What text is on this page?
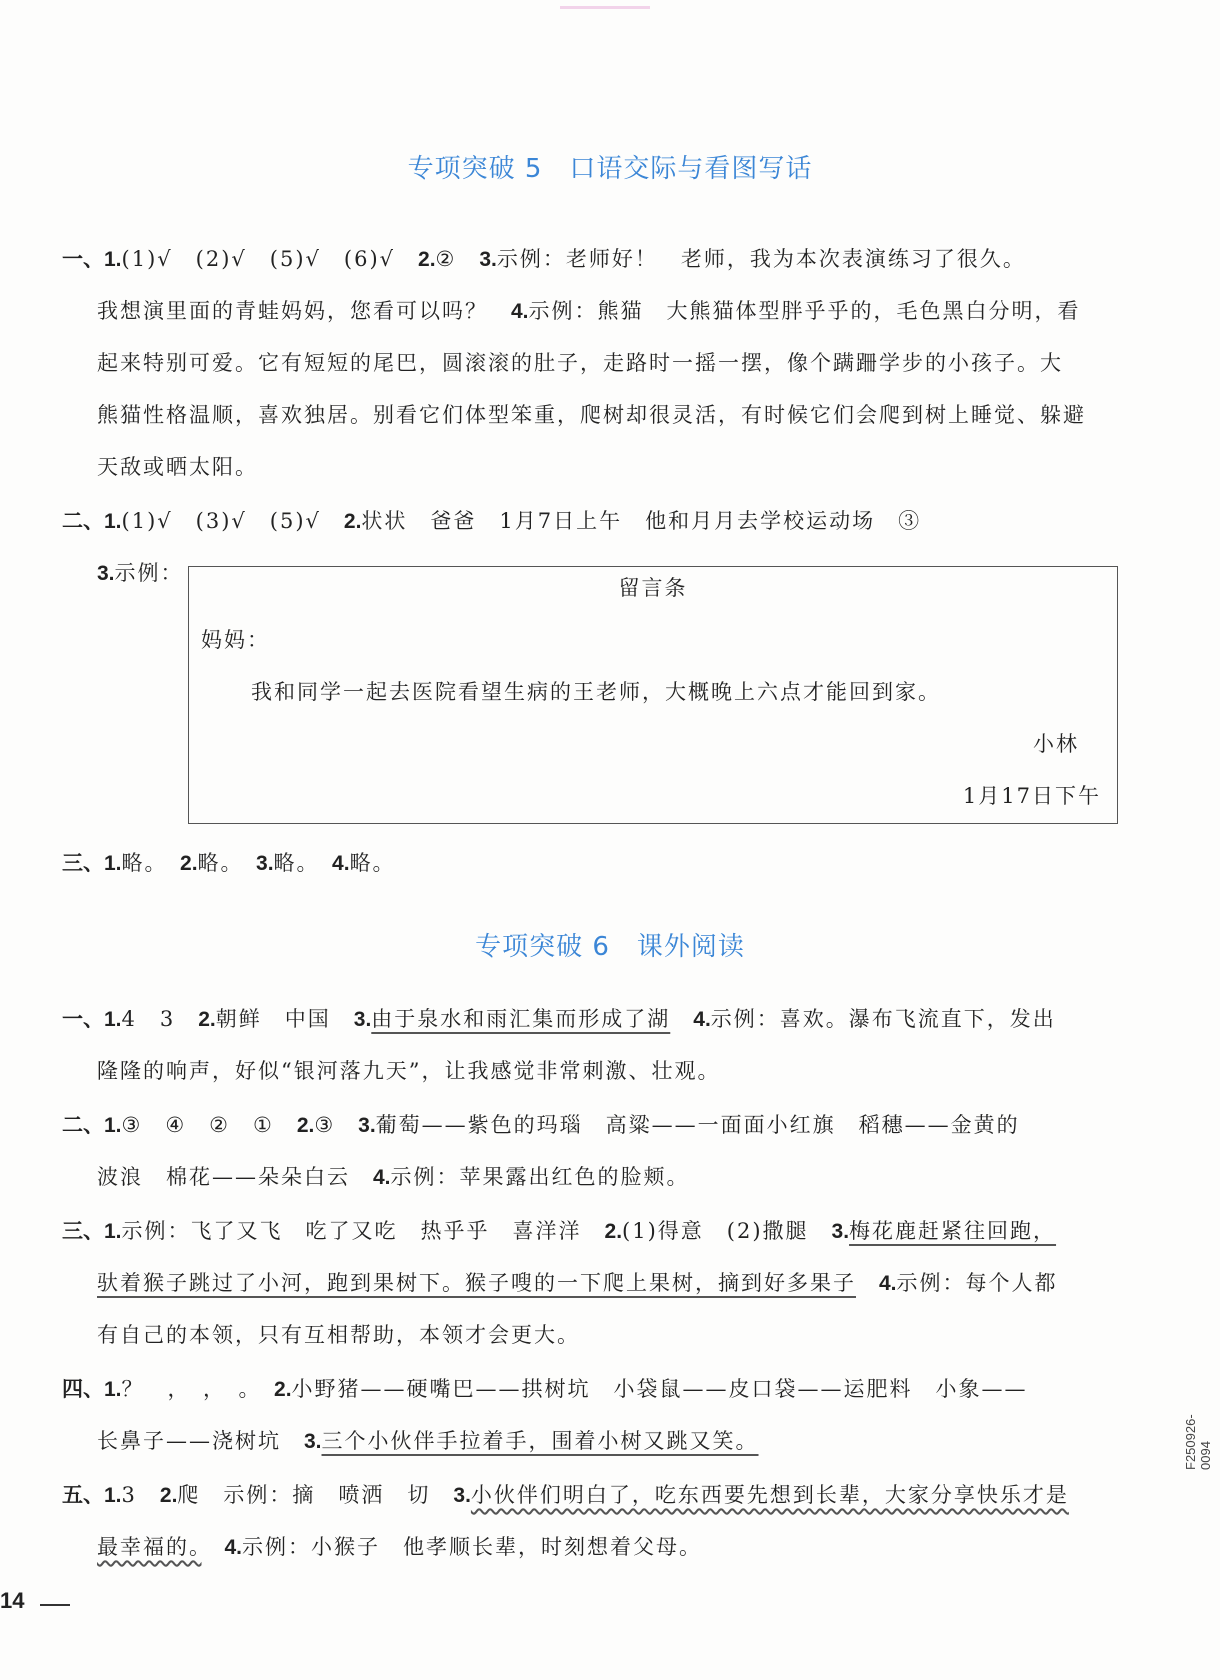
专项突破 5　口语交际与看图写话
一、1.(1)√　(2)√　(5)√　(6)√　2.②　3.示例：老师好！　老师，我为本次表演练习了很久。
我想演里面的青蛙妈妈，您看可以吗？　4.示例：熊猫　大熊猫体型胖乎乎的，毛色黑白分明，看
起来特别可爱。它有短短的尾巴，圆滚滚的肚子，走路时一摇一摆，像个蹒跚学步的小孩子。大
熊猫性格温顺，喜欢独居。别看它们体型笨重，爬树却很灵活，有时候它们会爬到树上睡觉、躲避
天敌或晒太阳。
二、1.(1)√　(3)√　(5)√　2.状状　爸爸　1月7日上午　他和月月去学校运动场　③
3.示例：
留言条
妈妈：
我和同学一起去医院看望生病的王老师，大概晚上六点才能回到家。
小林
1月17日下午
三、1.略。　2.略。　3.略。　4.略。
专项突破 6　课外阅读
一、1.4　3　2.朝鲜　中国　3.由于泉水和雨汇集而形成了湖　 4.示例：喜欢。瀑布飞流直下，发出
隆隆的响声，好似“银河落九天”，让我感觉非常刺激、壮观。
二、1.③　④　②　①　2.③　3.葡萄——紫色的玛瑙　高粱——一面面小红旗　稻穗——金黄的
波浪　棉花——朵朵白云　4.示例：苹果露出红色的脸颊。
三、1.示例：飞了又飞　吃了又吃　热乎乎　喜洋洋　2.(1)得意　(2)撒腿　3.梅花鹿赶紧往回跑，
驮着猴子跳过了小河，跑到果树下。猴子嗖的一下爬上果树，摘到好多果子　 4.示例：每个人都
有自己的本领，只有互相帮助，本领才会更大。
四、1.？　，　，　。　2.小野猪——硬嘴巴——拱树坑　小袋鼠——皮口袋——运肥料　小象——
长鼻子——浇树坑　3.三个小伙伴手拉着手，围着小树又跳又笑。
五、1.3　2.爬　示例：摘　喷洒　切　3.小伙伴们明白了，吃东西要先想到长辈，大家分享快乐才是
最幸福的。　 4.示例：小猴子　他孝顺长辈，时刻想着父母。
14
F250926-0094
